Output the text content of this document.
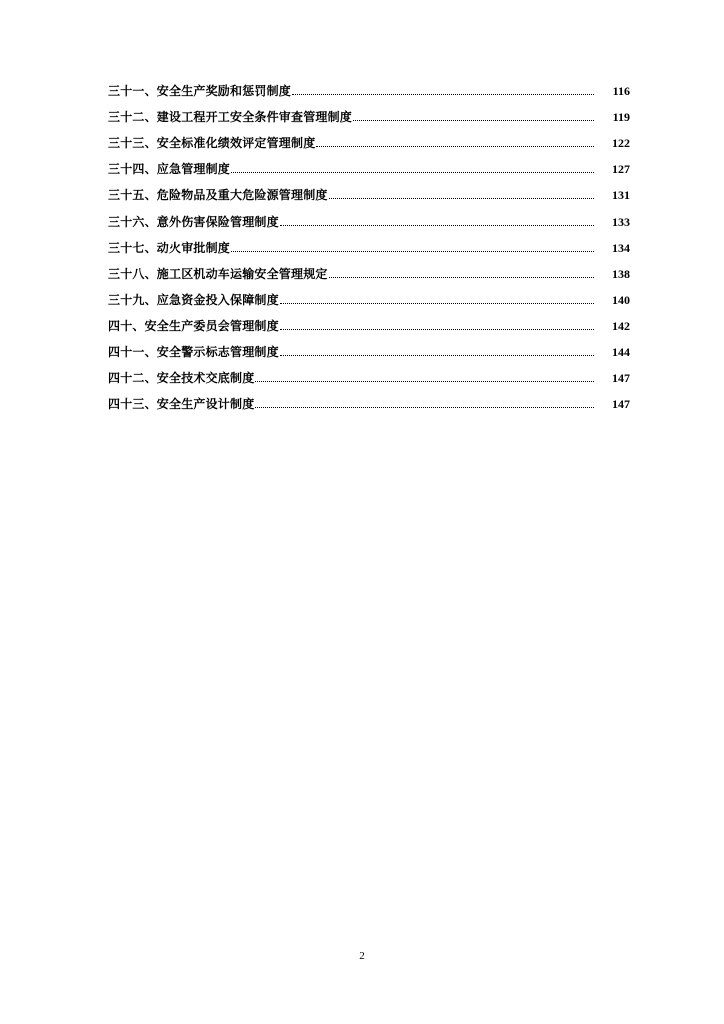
三十一、安全生产奖励和惩罚制度	116
三十二、建设工程开工安全条件审查管理制度	119
三十三、安全标准化绩效评定管理制度	122
三十四、应急管理制度	127
三十五、危险物品及重大危险源管理制度	131
三十六、意外伤害保险管理制度	133
三十七、动火审批制度	134
三十八、施工区机动车运输安全管理规定	138
三十九、应急资金投入保障制度	140
四十、安全生产委员会管理制度	142
四十一、安全警示标志管理制度	144
四十二、安全技术交底制度	147
四十三、安全生产设计制度	147
2
